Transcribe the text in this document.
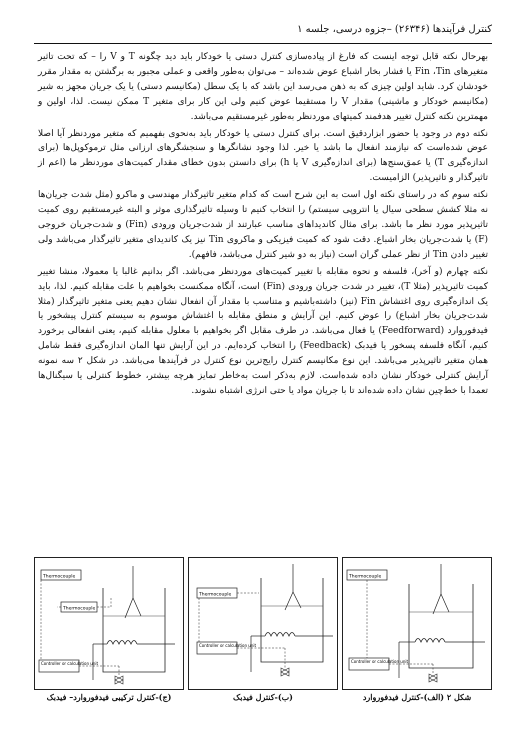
کنترل فرآیندها (۲۶۳۴۶) –جزوه درسی، جلسه ۱

بهرحال نکته قابل توجه اینست که فارغ از پیاده‌سازی کنترل دستی یا خودکار باید دید چگونه T و V را – که تحت تاثیر متغیرهای Fin ،Tin یا فشار بخار اشباع عوض شده‌اند – می‌توان به‌طور واقعی و عملی مجبور به برگشتن به مقدار مقرر خودشان کرد. شاید اولین چیزی که به ذهن می‌رسد این باشد که با یک سطل (مکانیسم دستی) یا یک جریان مجهز به شیر (مکانیسم خودکار و ماشینی) مقدار V را مستقیما عوض کنیم ولی این کار برای متغیر T ممکن نیست. لذا، اولین و مهمترین نکته کنترل تغییر هدفمند کمیتهای موردنظر به‌طور غیرمستقیم می‌باشد.

نکته دوم در وجود یا حضور ابزاردقیق است. برای کنترل دستی یا خودکار باید به‌نحوی بفهمیم که متغیر موردنظر آیا اصلا عوض شده‌است که نیازمند انفعال ما باشد یا خیر. لذا وجود نشانگرها و سنجشگرهای ارزانی مثل ترموکوپل‌ها (برای اندازه‌گیری T) یا عمق‌سنج‌ها (برای اندازه‌گیری V یا h) برای دانستن بدون خطای مقدار کمیت‌های موردنظر ما (اعم از تاثیرگذار و تاثیرپذیر) الزامیست.

نکته سوم که در راستای نکته اول است به این شرح است که کدام متغیر تاثیرگذار مهندسی و ماکرو (مثل شدت جریان‌ها نه مثلا کشش سطحی سیال یا انتروپی سیستم) را انتخاب کنیم تا وسیله تاثیرگذاری موثر و البته غیرمستقیم روی کمیت تاثیرپذیر مورد نظر ما باشد. برای مثال کاندیداهای مناسب عبارتند از شدت‌جریان ورودی (Fin) و شدت‌جریان خروجی (F) یا شدت‌جریان بخار اشباع. دقت شود که کمیت فیزیکی و ماکروی Tin نیز یک کاندیدای متغیر تاثیرگذار می‌باشد ولی تغییر دادن Tin از نظر عملی گران است (نیاز به دو شیر کنترل می‌باشد، فافهم).

نکته چهارم (و آخر)، فلسفه و نحوه مقابله با تغییر کمیت‌های موردنظر می‌باشد. اگر بدانیم غالبا یا معمولا، منشا تغییر کمیت تاثیرپذیر (مثلا T)، تغییر در شدت جریان ورودی (Fin) است، آنگاه ممکنست بخواهیم با علت مقابله کنیم. لذا، باید یک اندازه‌گیری روی اغتشاش Fin (نیز) داشته‌باشیم و متناسب با مقدار آن انفعال نشان دهیم یعنی متغیر تاثیرگذار (مثلا شدت‌جریان بخار اشباع) را عوض کنیم. این آرایش و منطق مقابله با اغتشاش موسوم به سیستم کنترل پیشخور یا فیدفوروارد (Feedforward) یا فعال می‌باشد. در طرف مقابل اگر بخواهیم با معلول مقابله کنیم، یعنی انفعالی برخورد کنیم، آنگاه فلسفه پسخور یا فیدبک (Feedback) را انتخاب کرده‌ایم. در این آرایش تنها المان اندازه‌گیری فقط شامل همان متغیر تاثیرپذیر می‌باشد. این نوع مکانیسم کنترل رایج‌ترین نوع کنترل در فرآیندها می‌باشد. در شکل ۲ سه نمونه آرایش کنترلی خودکار نشان داده شده‌است. لازم به‌ذکر است به‌خاطر تمایز هرچه بیشتر، خطوط کنترلی یا سیگنال‌ها تعمدا با خط‌چین نشان داده شده‌اند تا با جریان مواد یا حتی انرژی اشتباه نشوند.

Thermocouple
Thermocouple
Controller or calculation unit
Thermocouple
Controller or calculation unit
Thermocouple
Controller or calculation unit
(ج)-کنترل ترکیبی فیدفوروارد– فیدبک	(ب)-کنترل فیدبک	شکل ۲ (الف)-کنترل فیدفوروارد
